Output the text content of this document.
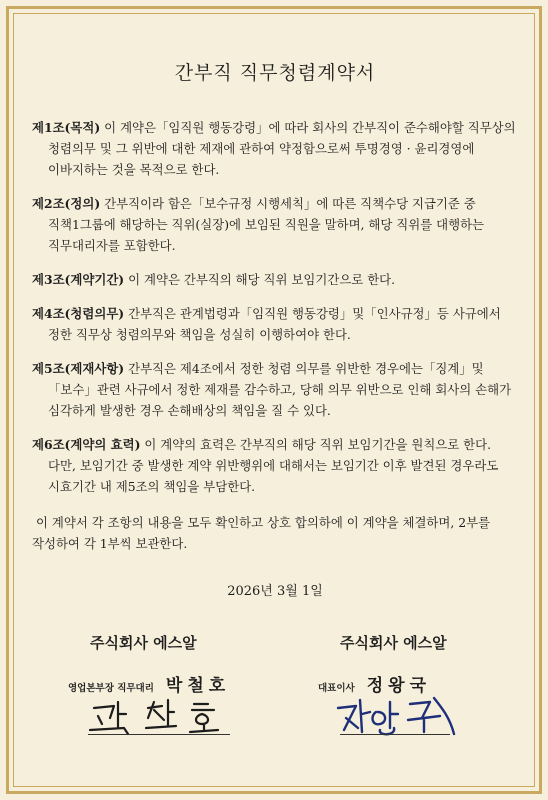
간부직 직무청렴계약서

제1조(목적) 이 계약은「임직원 행동강령」에 따라 회사의 간부직이 준수해야할 직무상의 청렴의무 및 그 위반에 대한 제재에 관하여 약정함으로써 투명경영 · 윤리경영에 이바지하는 것을 목적으로 한다.

제2조(정의) 간부직이라 함은「보수규정 시행세칙」에 따른 직책수당 지급기준 중 직책1그룹에 해당하는 직위(실장)에 보임된 직원을 말하며, 해당 직위를 대행하는 직무대리자를 포함한다.

제3조(계약기간) 이 계약은 간부직의 해당 직위 보임기간으로 한다.

제4조(청렴의무) 간부직은 관계법령과「임직원 행동강령」및「인사규정」등 사규에서 정한 직무상 청렴의무와 책임을 성실히 이행하여야 한다.

제5조(제재사항) 간부직은 제4조에서 정한 청렴 의무를 위반한 경우에는「징계」및「보수」관련 사규에서 정한 제재를 감수하고, 당해 의무 위반으로 인해 회사의 손해가 심각하게 발생한 경우 손해배상의 책임을 질 수 있다.

제6조(계약의 효력) 이 계약의 효력은 간부직의 해당 직위 보임기간을 원칙으로 한다. 다만, 보임기간 중 발생한 계약 위반행위에 대해서는 보임기간 이후 발견된 경우라도 시효기간 내 제5조의 책임을 부담한다.

이 계약서 각 조항의 내용을 모두 확인하고 상호 합의하에 이 계약을 체결하며, 2부를 작성하여 각 1부씩 보관한다.

2026년 3월 1일
주식회사 에스알
영업본부장 직무대리 박철호
주식회사 에스알
대표이사 정왕국
